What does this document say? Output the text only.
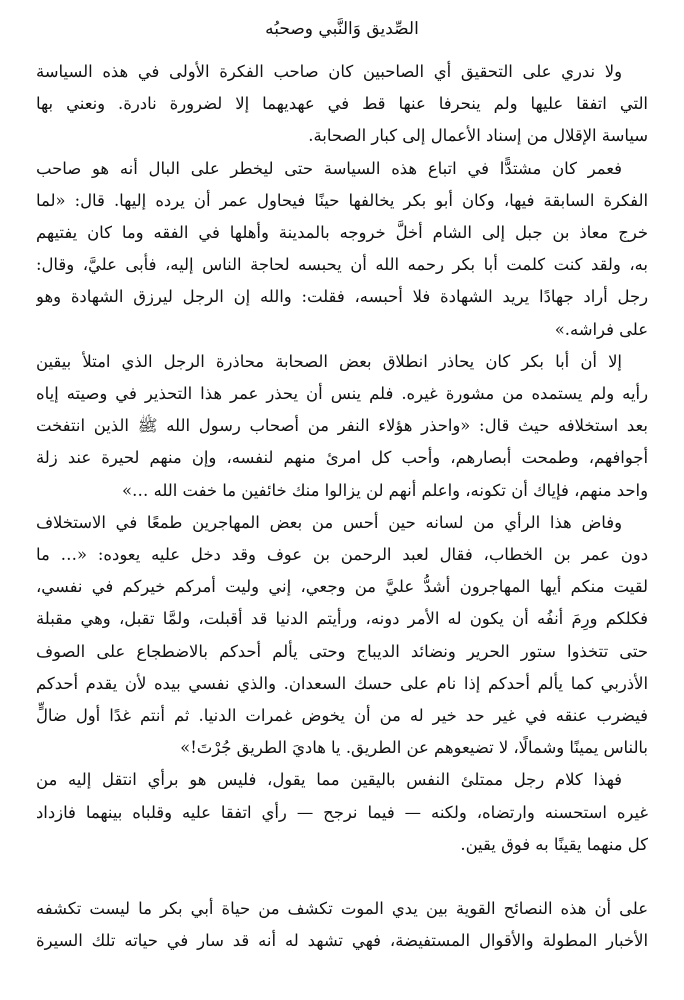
الصِّديق وَالنَّبي وصحبُه

ولا ندري على التحقيق أي الصاحبين كان صاحب الفكرة الأولى في هذه السياسة
التي اتفقا عليها ولم ينحرفا عنها قط في عهديهما إلا لضرورة نادرة. ونعني بها
سياسة الإقلال من إسناد الأعمال إلى كبار الصحابة.

فعمر كان مشتدًّا في اتباع هذه السياسة حتى ليخطر على البال أنه هو صاحب
الفكرة السابقة فيها، وكان أبو بكر يخالفها حينًا فيحاول عمر أن يرده إليها. قال: «لما
خرج معاذ بن جبل إلى الشام أخلَّ خروجه بالمدينة وأهلها في الفقه وما كان يفتيهم
به، ولقد كنت كلمت أبا بكر رحمه الله أن يحبسه لحاجة الناس إليه، فأبى عليَّ، وقال:
رجل أراد جهادًا يريد الشهادة فلا أحبسه، فقلت: والله إن الرجل ليرزق الشهادة وهو
على فراشه.»

إلا أن أبا بكر كان يحاذر انطلاق بعض الصحابة محاذرة الرجل الذي امتلأ بيقين
رأيه ولم يستمده من مشورة غيره. فلم ينس أن يحذر عمر هذا التحذير في وصيته إياه
بعد استخلافه حيث قال: «واحذر هؤلاء النفر من أصحاب رسول الله ﷺ الذين انتفخت
أجوافهم، وطمحت أبصارهم، وأحب كل امرئ منهم لنفسه، وإن منهم لحيرة عند زلة
واحد منهم، فإياك أن تكونه، واعلم أنهم لن يزالوا منك خائفين ما خفت الله …»

وفاض هذا الرأي من لسانه حين أحس من بعض المهاجرين طمعًا في الاستخلاف
دون عمر بن الخطاب، فقال لعبد الرحمن بن عوف وقد دخل عليه يعوده: «… ما
لقيت منكم أيها المهاجرون أشدُّ عليَّ من وجعي، إني وليت أمركم خيركم في نفسي،
فكلكم ورِمَ أنفُه أن يكون له الأمر دونه، ورأيتم الدنيا قد أقبلت، ولمَّا تقبل، وهي مقبلة
حتى تتخذوا ستور الحرير ونضائد الديباج وحتى يألم أحدكم بالاضطجاع على الصوف
الأذربي كما يألم أحدكم إذا نام على حسك السعدان. والذي نفسي بيده لأن يقدم أحدكم
فيضرب عنقه في غير حد خير له من أن يخوض غمرات الدنيا. ثم أنتم غدًا أول ضالٍّ
بالناس يمينًا وشمالًا، لا تضيعوهم عن الطريق. يا هاديَ الطريق جُرْتَ!»

فهذا كلام رجل ممتلئ النفس باليقين مما يقول، فليس هو برأي انتقل إليه من
غيره استحسنه وارتضاه، ولكنه — فيما نرجح — رأي اتفقا عليه وقلباه بينهما فازداد
كل منهما يقينًا به فوق يقين.

على أن هذه النصائح القوية بين يدي الموت تكشف من حياة أبي بكر ما ليست تكشفه
الأخبار المطولة والأقوال المستفيضة، فهي تشهد له أنه قد سار في حياته تلك السيرة
